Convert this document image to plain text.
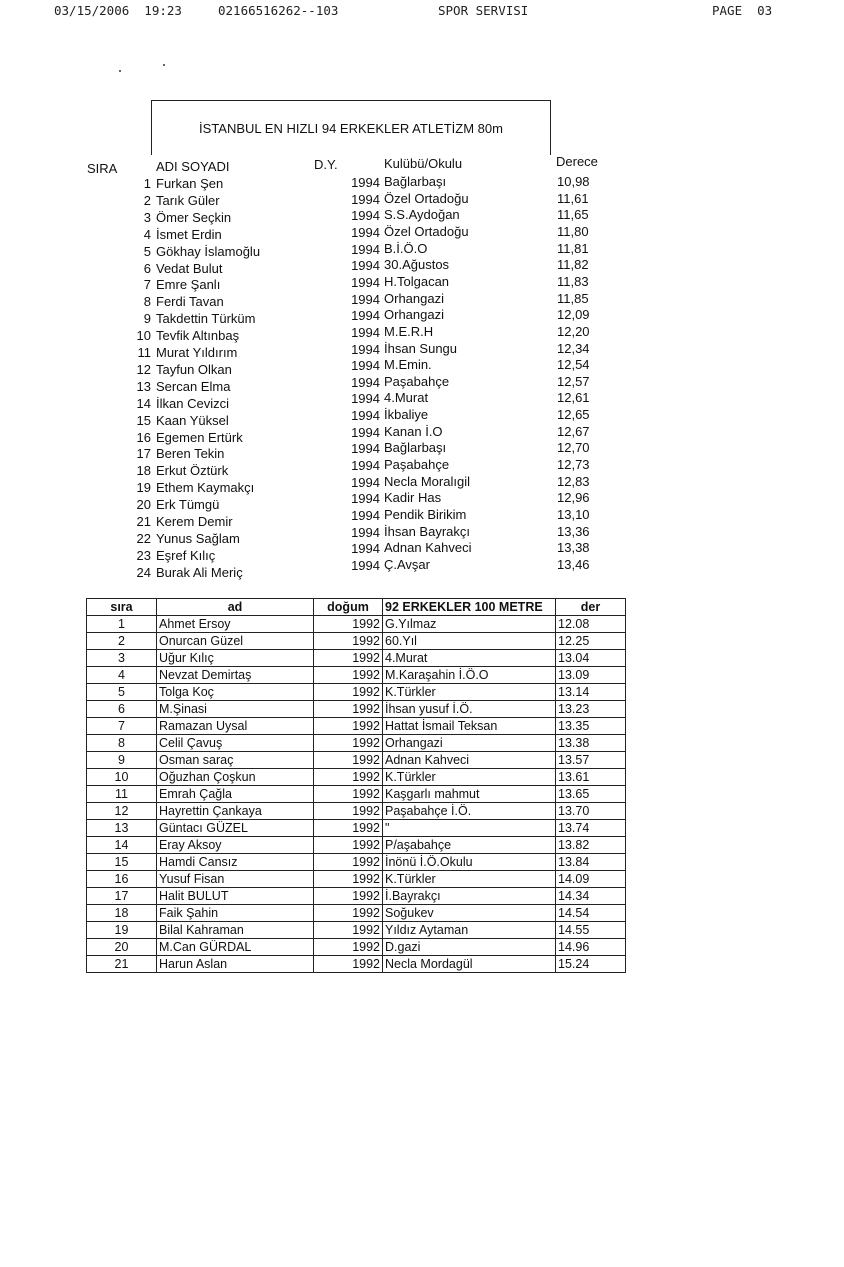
03/15/2006  19:23	02166516262--103	SPOR SERVISI	PAGE  03
İSTANBUL EN HIZLI 94 ERKEKLER ATLETİZM 80m
SIRA	ADI SOYADI	D.Y.	Kulübü/Okulu	Derece
1 Furkan Şen	1994 Bağlarbaşı	10,98
2 Tarık Güler	1994 Özel Ortadoğu	11,61
3 Ömer Seçkin	1994 S.S.Aydoğan	11,65
4 İsmet Erdin	1994 Özel Ortadoğu	11,80
5 Gökhay İslamoğlu	1994 B.İ.Ö.O	11,81
6 Vedat Bulut	1994 30.Ağustos	11,82
7 Emre Şanlı	1994 H.Tolgacan	11,83
8 Ferdi Tavan	1994 Orhangazi	11,85
9 Takdettin Türküm	1994 Orhangazi	12,09
10 Tevfik Altınbaş	1994 M.E.R.H	12,20
11 Murat Yıldırım	1994 İhsan Sungu	12,34
12 Tayfun Olkan	1994 M.Emin.	12,54
13 Sercan Elma	1994 Paşabahçe	12,57
14 İlkan Cevizci	1994 4.Murat	12,61
15 Kaan Yüksel	1994 İkbaliye	12,65
16 Egemen Ertürk	1994 Kanan İ.O	12,67
17 Beren Tekin	1994 Bağlarbaşı	12,70
18 Erkut Öztürk	1994 Paşabahçe	12,73
19 Ethem Kaymakçı	1994 Necla Moralıgil	12,83
20 Erk Tümgü	1994 Kadir Has	12,96
21 Kerem Demir	1994 Pendik Birikim	13,10
22 Yunus Sağlam	1994 İhsan Bayrakçı	13,36
23 Eşref Kılıç	1994 Adnan Kahveci	13,38
24 Burak Ali Meriç	1994 Ç.Avşar	13,46
sıra	ad	doğum	92 ERKEKLER 100 METRE	der
1	Ahmet Ersoy	1992	G.Yılmaz	12.08
2	Onurcan Güzel	1992	60.Yıl	12.25
3	Uğur Kılıç	1992	4.Murat	13.04
4	Nevzat Demirtaş	1992	M.Karaşahin İ.Ö.O	13.09
5	Tolga Koç	1992	K.Türkler	13.14
6	M.Şinasi	1992	İhsan yusuf İ.Ö.	13.23
7	Ramazan Uysal	1992	Hattat İsmail Teksan	13.35
8	Celil Çavuş	1992	Orhangazi	13.38
9	Osman saraç	1992	Adnan Kahveci	13.57
10	Oğuzhan Çoşkun	1992	K.Türkler	13.61
11	Emrah Çağla	1992	Kaşgarlı mahmut	13.65
12	Hayrettin Çankaya	1992	Paşabahçe İ.Ö.	13.70
13	Güntacı GÜZEL	1992	"	13.74
14	Eray Aksoy	1992	P/aşabahçe	13.82
15	Hamdi Cansız	1992	İnönü İ.Ö.Okulu	13.84
16	Yusuf Fisan	1992	K.Türkler	14.09
17	Halit BULUT	1992	İ.Bayrakçı	14.34
18	Faik Şahin	1992	Soğukev	14.54
19	Bilal Kahraman	1992	Yıldız Aytaman	14.55
20	M.Can GÜRDAL	1992	D.gazi	14.96
21	Harun Aslan	1992	Necla Mordagül	15.24
